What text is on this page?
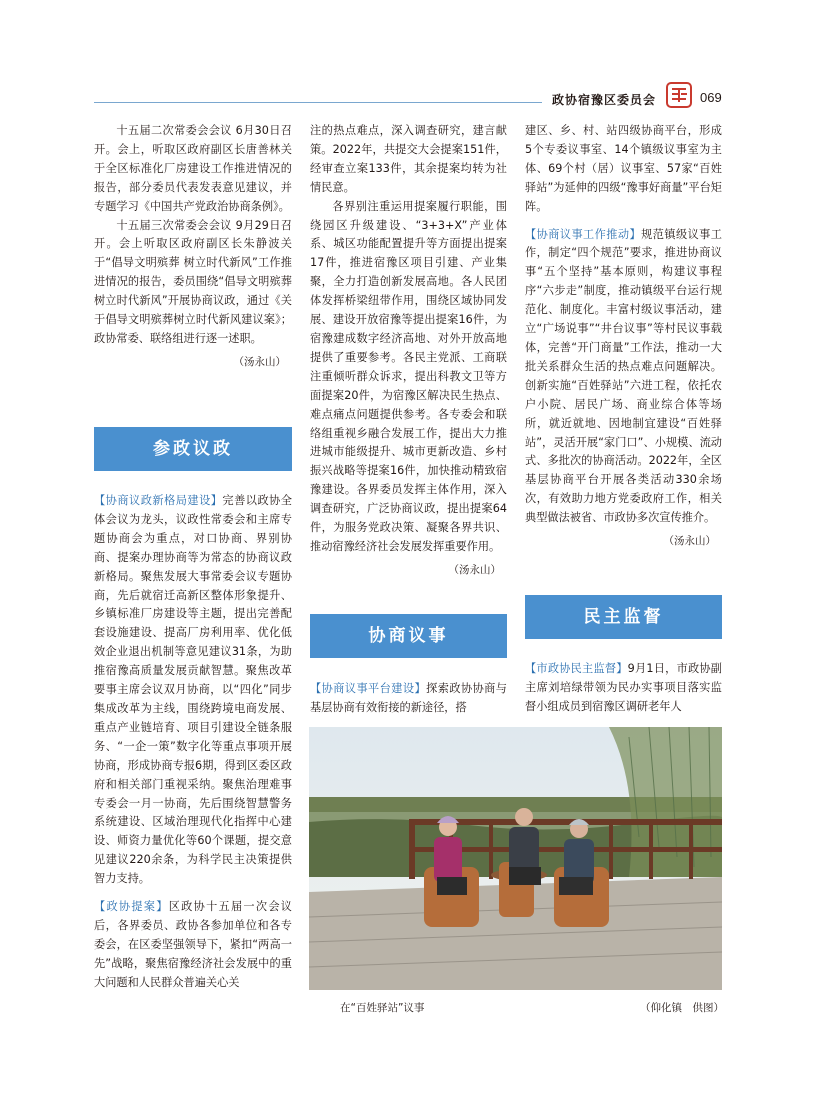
政协宿豫区委员会	069

十五届二次常委会会议 6月30日召开。会上，听取区政府副区长唐善林关于全区标准化厂房建设工作推进情况的报告，部分委员代表发表意见建议，并专题学习《中国共产党政治协商条例》。

十五届三次常委会会议 9月29日召开。会上听取区政府副区长朱静波关于“倡导文明殡葬 树立时代新风”工作推进情况的报告，委员围绕“倡导文明殡葬 树立时代新风”开展协商议政，通过《关于倡导文明殡葬树立时代新风建议案》；政协常委、联络组进行逐一述职。

（汤永山）
参政议政

【协商议政新格局建设】完善以政协全体会议为龙头，议政性常委会和主席专题协商会为重点，对口协商、界别协商、提案办理协商等为常态的协商议政新格局。聚焦发展大事常委会议专题协商，先后就宿迁高新区整体形象提升、乡镇标准厂房建设等主题，提出完善配套设施建设、提高厂房利用率、优化低效企业退出机制等意见建议31条，为助推宿豫高质量发展贡献智慧。聚焦改革要事主席会议双月协商，以“四化”同步集成改革为主线，围绕跨境电商发展、重点产业链培育、项目引建设全链条服务、“一企一策”数字化等重点事项开展协商，形成协商专报6期，得到区委区政府和相关部门重视采纳。聚焦治理难事专委会一月一协商，先后围绕智慧警务系统建设、区域治理现代化指挥中心建设、师资力量优化等60个课题，提交意见建议220余条，为科学民主决策提供智力支持。

【政协提案】区政协十五届一次会议后，各界委员、政协各参加单位和各专委会，在区委坚强领导下，紧扣“两高一先”战略，聚焦宿豫经济社会发展中的重大问题和人民群众普遍关心关

注的热点难点，深入调查研究，建言献策。2022年，共提交大会提案151件，经审查立案133件，其余提案均转为社情民意。

各界别注重运用提案履行职能，围绕园区升级建设、“3+3+X”产业体系、城区功能配置提升等方面提出提案17件，推进宿豫区项目引建、产业集聚，全力打造创新发展高地。各人民团体发挥桥梁纽带作用，围绕区域协同发展、建设开放宿豫等提出提案16件，为宿豫建成数字经济高地、对外开放高地提供了重要参考。各民主党派、工商联注重倾听群众诉求，提出科教文卫等方面提案20件，为宿豫区解决民生热点、难点痛点问题提供参考。各专委会和联络组重视乡融合发展工作，提出大力推进城市能级提升、城市更新改造、乡村振兴战略等提案16件，加快推动精致宿豫建设。各界委员发挥主体作用，深入调查研究，广泛协商议政，提出提案64件，为服务党政决策、凝聚各界共识、推动宿豫经济社会发展发挥重要作用。

（汤永山）
协商议事

【协商议事平台建设】探索政协协商与基层协商有效衔接的新途径，搭

建区、乡、村、站四级协商平台，形成5个专委议事室、14个镇级议事室为主体、69个村（居）议事室、57家“百姓驿站”为延伸的四级“豫事好商量”平台矩阵。

【协商议事工作推动】规范镇级议事工作，制定“四个规范”要求，推进协商议事“五个坚持”基本原则，构建议事程序“六步走”制度，推动镇级平台运行规范化、制度化。丰富村级议事活动，建立“广场说事”“井台议事”等村民议事载体，完善“开门商量”工作法，推动一大批关系群众生活的热点难点问题解决。创新实施“百姓驿站”六进工程，依托农户小院、居民广场、商业综合体等场所，就近就地、因地制宜建设“百姓驿站”，灵活开展“家门口”、小规模、流动式、多批次的协商活动。2022年，全区基层协商平台开展各类活动330余场次，有效助力地方党委政府工作，相关典型做法被省、市政协多次宣传推介。

（汤永山）
民主监督

【市政协民主监督】9月1日，市政协副主席刘培绿带领为民办实事项目落实监督小组成员到宿豫区调研老年人

在“百姓驿站”议事	（仰化镇　供图）
